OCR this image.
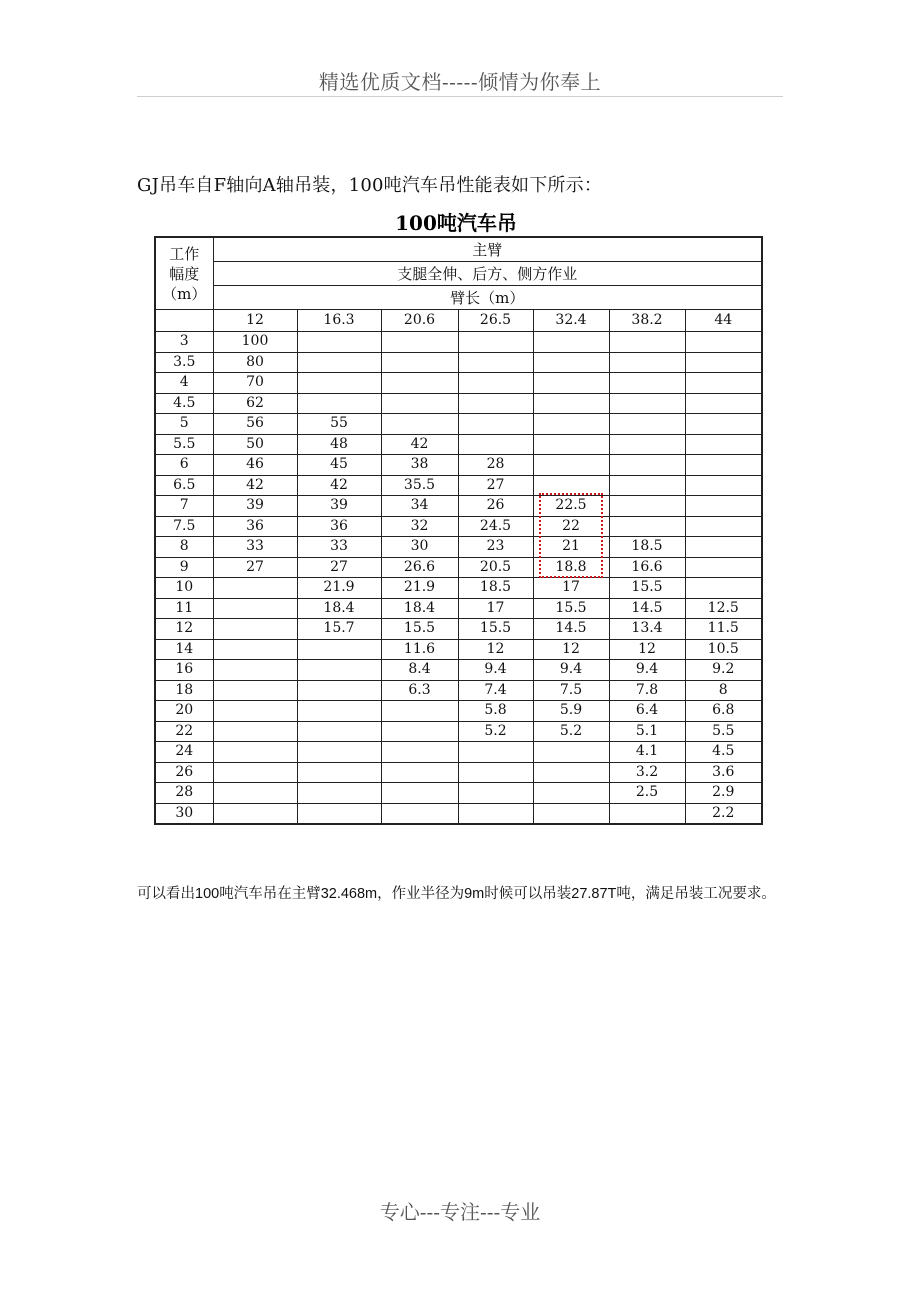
精选优质文档-----倾情为你奉上
GJ吊车自F轴向A轴吊装，100吨汽车吊性能表如下所示：
100吨汽车吊
工作
幅度
（m）	主臂						
	支腿全伸、后方、侧方作业						
	臂长（m）						
	12	16.3	20.6	26.5	32.4	38.2	44
3	100						
3.5	80						
4	70						
4.5	62						
5	56	55					
5.5	50	48	42				
6	46	45	38	28			
6.5	42	42	35.5	27			
7	39	39	34	26	22.5		
7.5	36	36	32	24.5	22		
8	33	33	30	23	21	18.5	
9	27	27	26.6	20.5	18.8	16.6	
10		21.9	21.9	18.5	17	15.5	
11		18.4	18.4	17	15.5	14.5	12.5
12		15.7	15.5	15.5	14.5	13.4	11.5
14			11.6	12	12	12	10.5
16			8.4	9.4	9.4	9.4	9.2
18			6.3	7.4	7.5	7.8	8
20				5.8	5.9	6.4	6.8
22				5.2	5.2	5.1	5.5
24						4.1	4.5
26						3.2	3.6
28						2.5	2.9
30							2.2
可以看出100吨汽车吊在主臂32.468m，作业半径为9m时候可以吊装27.87T吨，满足吊装工况要求。
专心---专注---专业
